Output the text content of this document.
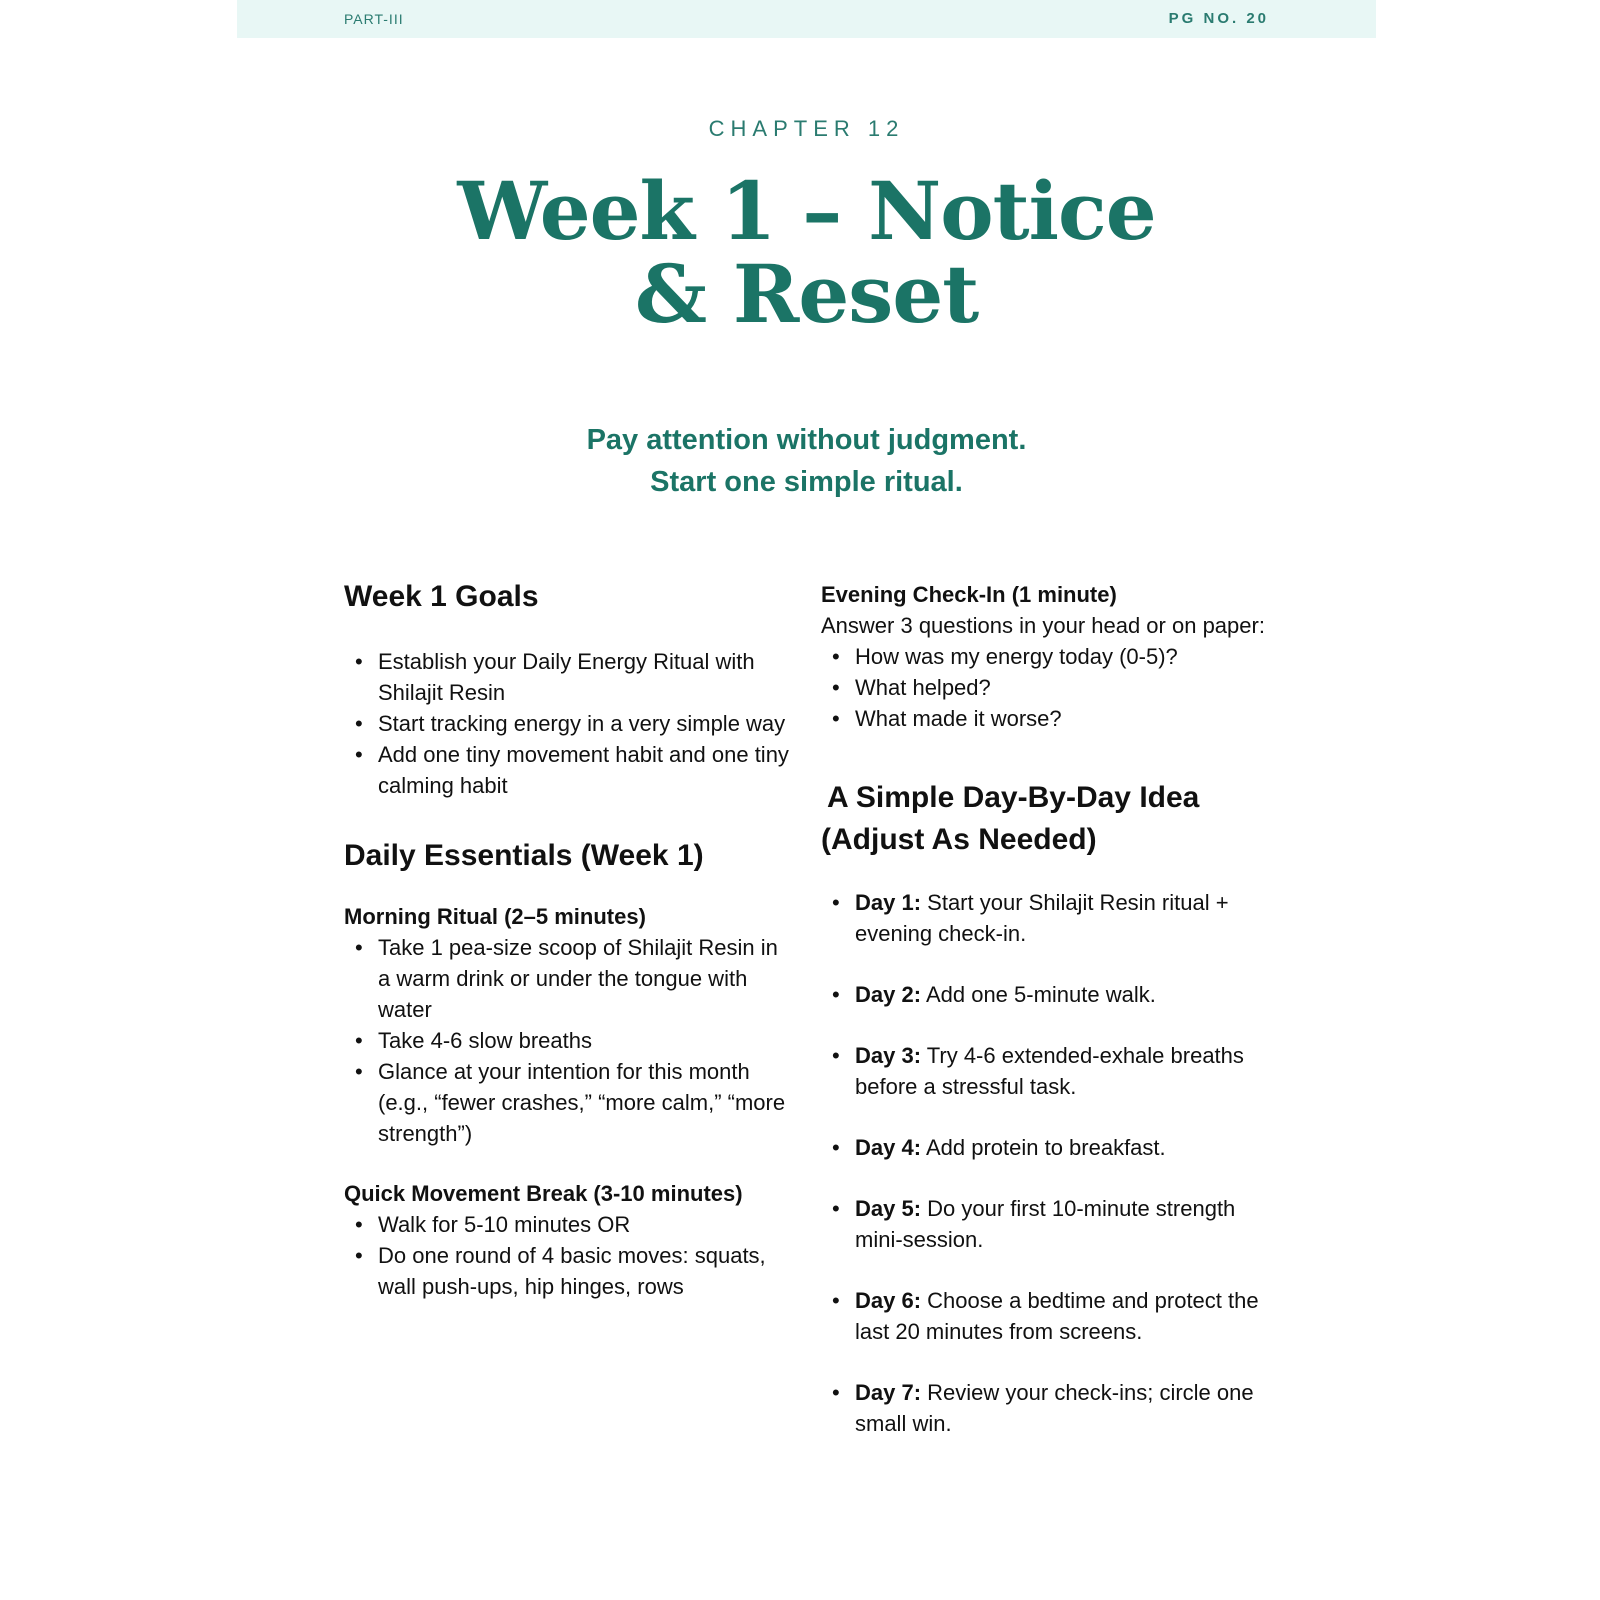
PART-III	PG NO. 20
CHAPTER 12
Week 1 – Notice
& Reset
Pay attention without judgment.
Start one simple ritual.
Week 1 Goals
• Establish your Daily Energy Ritual with Shilajit Resin
• Start tracking energy in a very simple way
• Add one tiny movement habit and one tiny calming habit
Daily Essentials (Week 1)
Morning Ritual (2–5 minutes)
• Take 1 pea-size scoop of Shilajit Resin in a warm drink or under the tongue with water
• Take 4-6 slow breaths
• Glance at your intention for this month (e.g., “fewer crashes,” “more calm,” “more strength”)
Quick Movement Break (3-10 minutes)
• Walk for 5-10 minutes OR
• Do one round of 4 basic moves: squats, wall push-ups, hip hinges, rows
Evening Check-In (1 minute)

Answer 3 questions in your head or on paper:

• How was my energy today (0-5)?
• What helped?
• What made it worse?
A Simple Day-By-Day Idea
(Adjust As Needed)
• Day 1: Start your Shilajit Resin ritual + evening check-in.
• Day 2: Add one 5-minute walk.
• Day 3: Try 4-6 extended-exhale breaths before a stressful task.
• Day 4: Add protein to breakfast.
• Day 5: Do your first 10-minute strength mini-session.
• Day 6: Choose a bedtime and protect the last 20 minutes from screens.
• Day 7: Review your check-ins; circle one small win.
